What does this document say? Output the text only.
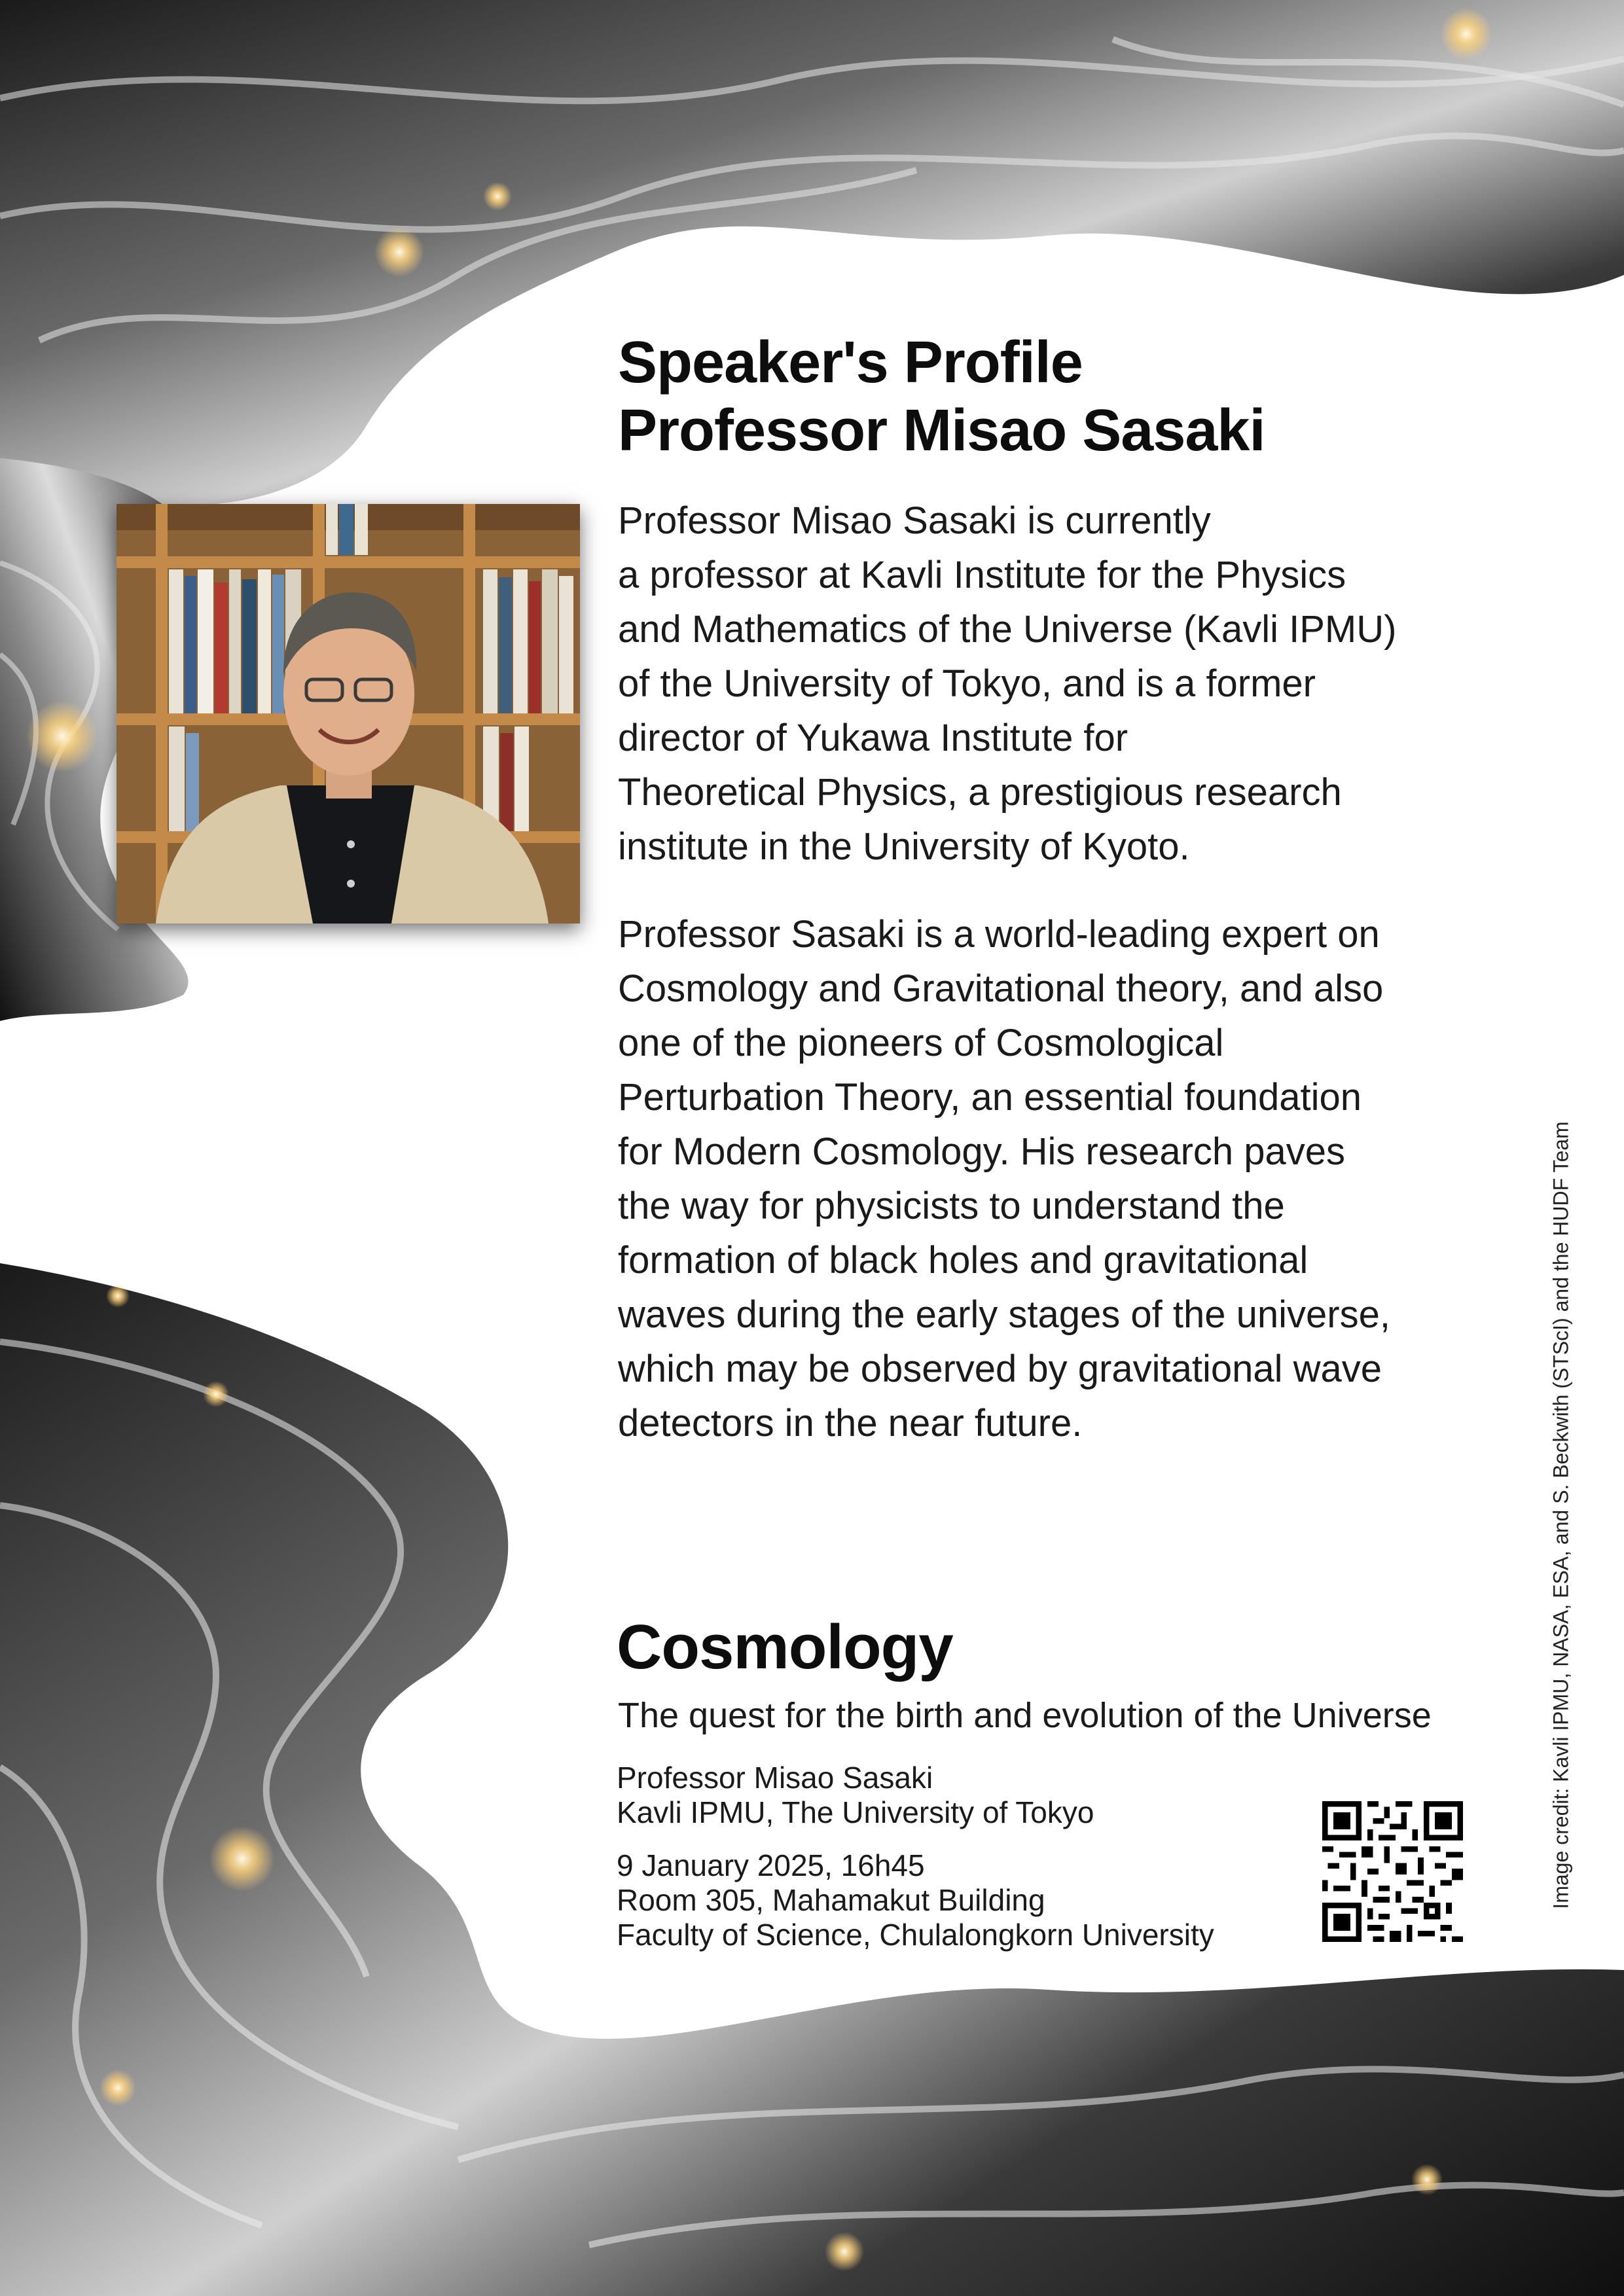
Speaker's Profile
Professor Misao Sasaki
Professor Misao Sasaki is currently
a professor at Kavli Institute for the Physics
and Mathematics of the Universe (Kavli IPMU)
of the University of Tokyo, and is a former
director of Yukawa Institute for
Theoretical Physics, a prestigious research
institute in the University of Kyoto.
Professor Sasaki is a world-leading expert on
Cosmology and Gravitational theory, and also
one of the pioneers of Cosmological
Perturbation Theory, an essential foundation
for Modern Cosmology. His research paves
the way for physicists to understand the
formation of black holes and gravitational
waves during the early stages of the universe,
which may be observed by gravitational wave
detectors in the near future.
Cosmology
The quest for the birth and evolution of the Universe
Professor Misao Sasaki
Kavli IPMU, The University of Tokyo
9 January 2025, 16h45
Room 305, Mahamakut Building
Faculty of Science, Chulalongkorn University
Image credit: Kavli IPMU, NASA, ESA, and S. Beckwith (STScI) and the HUDF Team
